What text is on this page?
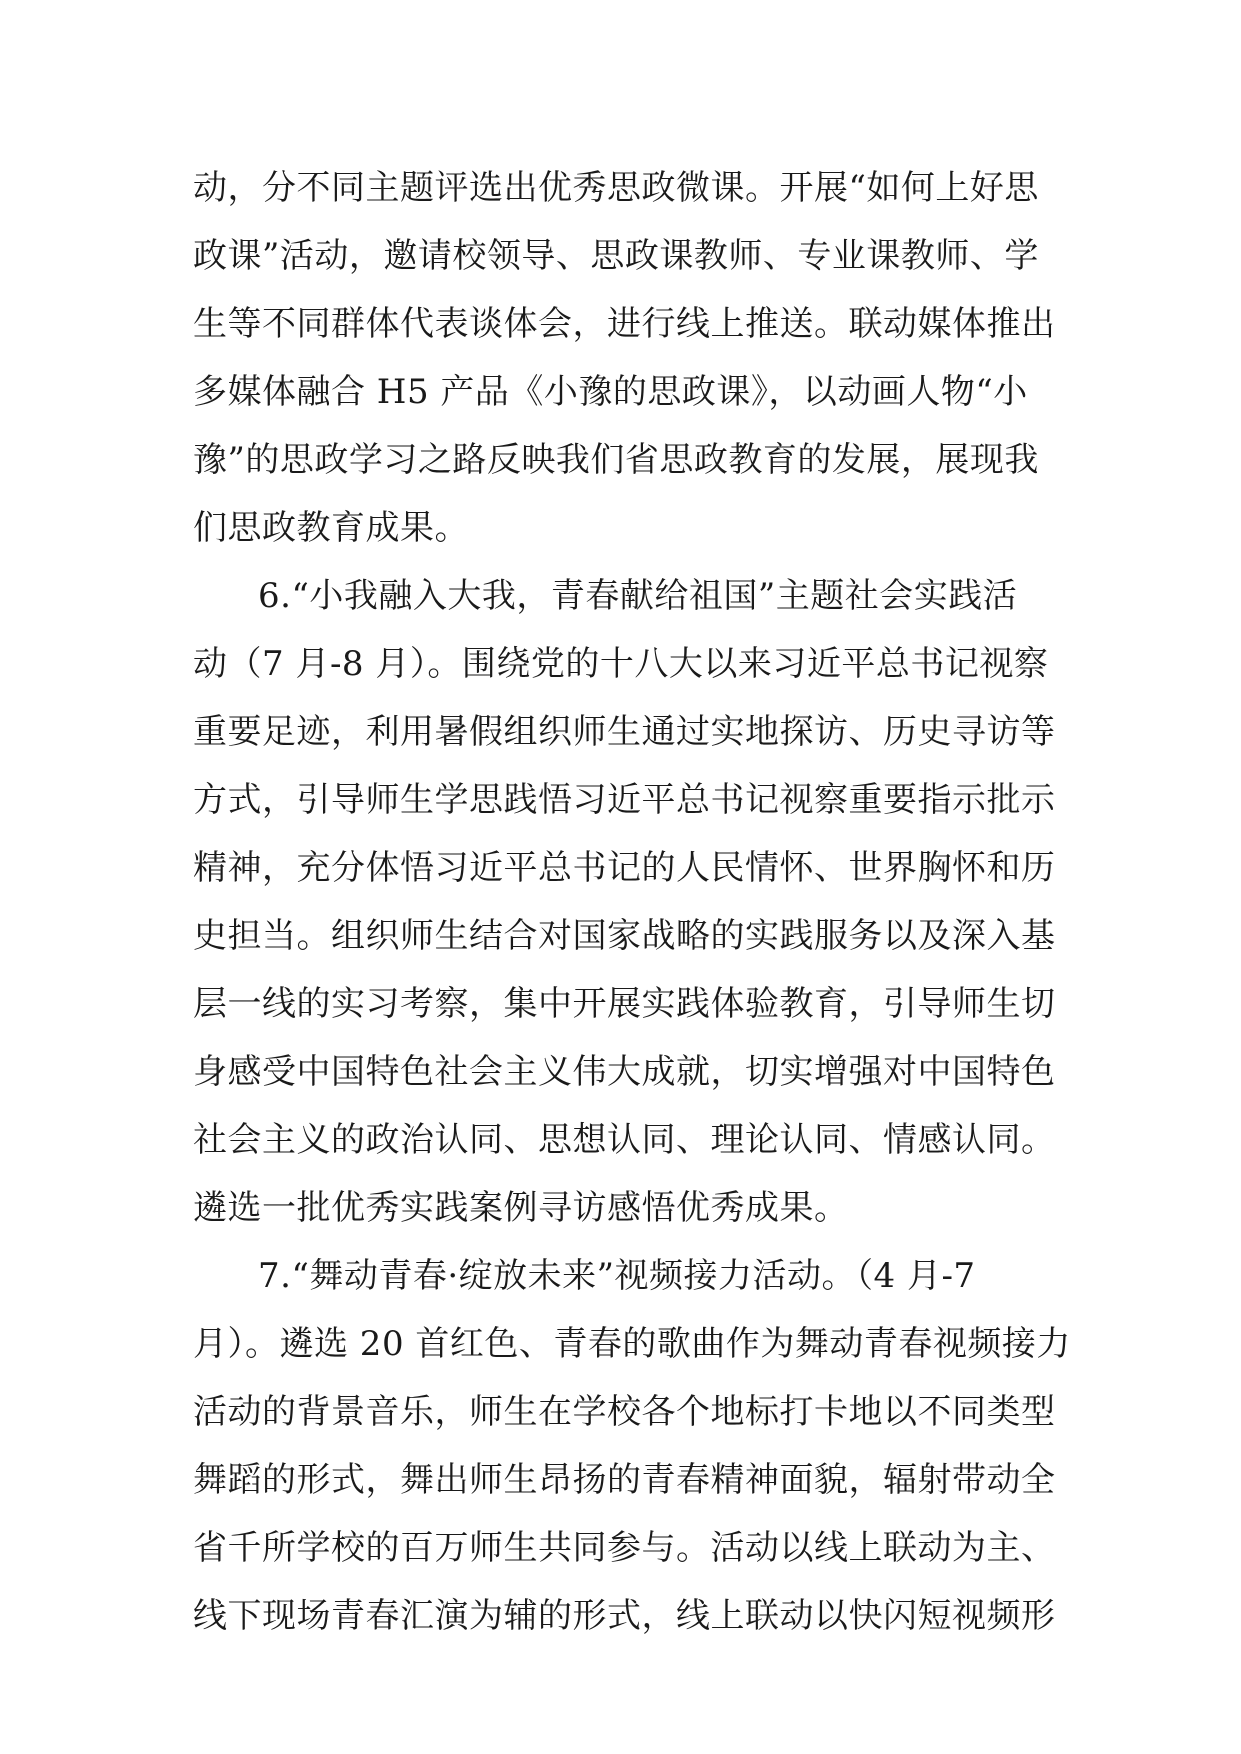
动，分不同主题评选出优秀思政微课。开展“如何上好思
政课”活动，邀请校领导、思政课教师、专业课教师、学
生等不同群体代表谈体会，进行线上推送。联动媒体推出
多媒体融合 H5 产品《小豫的思政课》，以动画人物“小
豫”的思政学习之路反映我们省思政教育的发展，展现我
们思政教育成果。
6.“小我融入大我，青春献给祖国”主题社会实践活
动（7 月-8 月）。围绕党的十八大以来习近平总书记视察
重要足迹，利用暑假组织师生通过实地探访、历史寻访等
方式，引导师生学思践悟习近平总书记视察重要指示批示
精神，充分体悟习近平总书记的人民情怀、世界胸怀和历
史担当。组织师生结合对国家战略的实践服务以及深入基
层一线的实习考察，集中开展实践体验教育，引导师生切
身感受中国特色社会主义伟大成就，切实增强对中国特色
社会主义的政治认同、思想认同、理论认同、情感认同。
遴选一批优秀实践案例寻访感悟优秀成果。
7.“舞动青春·绽放未来”视频接力活动。（4 月-7
月）。遴选 20 首红色、青春的歌曲作为舞动青春视频接力
活动的背景音乐，师生在学校各个地标打卡地以不同类型
舞蹈的形式，舞出师生昂扬的青春精神面貌，辐射带动全
省千所学校的百万师生共同参与。活动以线上联动为主、
线下现场青春汇演为辅的形式，线上联动以快闪短视频形
